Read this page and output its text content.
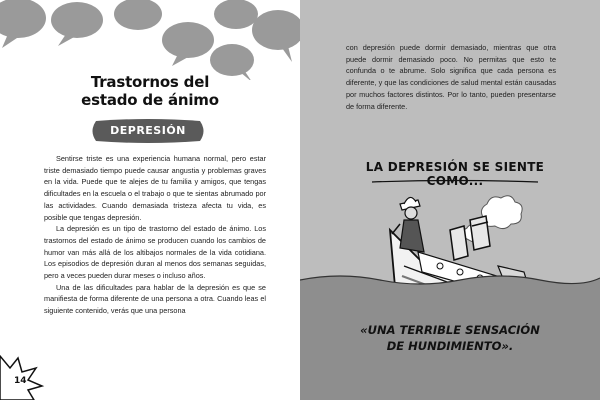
Trastornos del
estado de ánimo
DEPRESIÓN

Sentirse triste es una experiencia humana normal, pero estar triste demasiado tiempo puede causar angustia y problemas graves en la vida. Puede que te alejes de tu familia y amigos, que tengas dificultades en la escuela o el trabajo o que te sientas abrumado por las actividades. Cuando demasiada tristeza afecta tu vida, es posible que tengas depresión.

La depresión es un tipo de trastorno del estado de ánimo. Los trastornos del estado de ánimo se producen cuando los cambios de humor van más allá de los altibajos normales de la vida cotidiana. Los episodios de depresión duran al menos dos semanas seguidas, pero a veces pueden durar meses o incluso años.

Una de las dificultades para hablar de la depresión es que se manifiesta de forma diferente de una persona a otra. Cuando leas el siguiente contenido, verás que una persona

14

con depresión puede dormir demasiado, mientras que otra puede dormir demasiado poco. No permitas que esto te confunda o te abrume. Solo significa que cada persona es diferente, y que las condiciones de salud mental están causadas por muchos factores distintos. Por lo tanto, pueden presentarse de forma diferente.

LA DEPRESIÓN SE SIENTE COMO...
«UNA TERRIBLE SENSACIÓN
DE HUNDIMIENTO».
